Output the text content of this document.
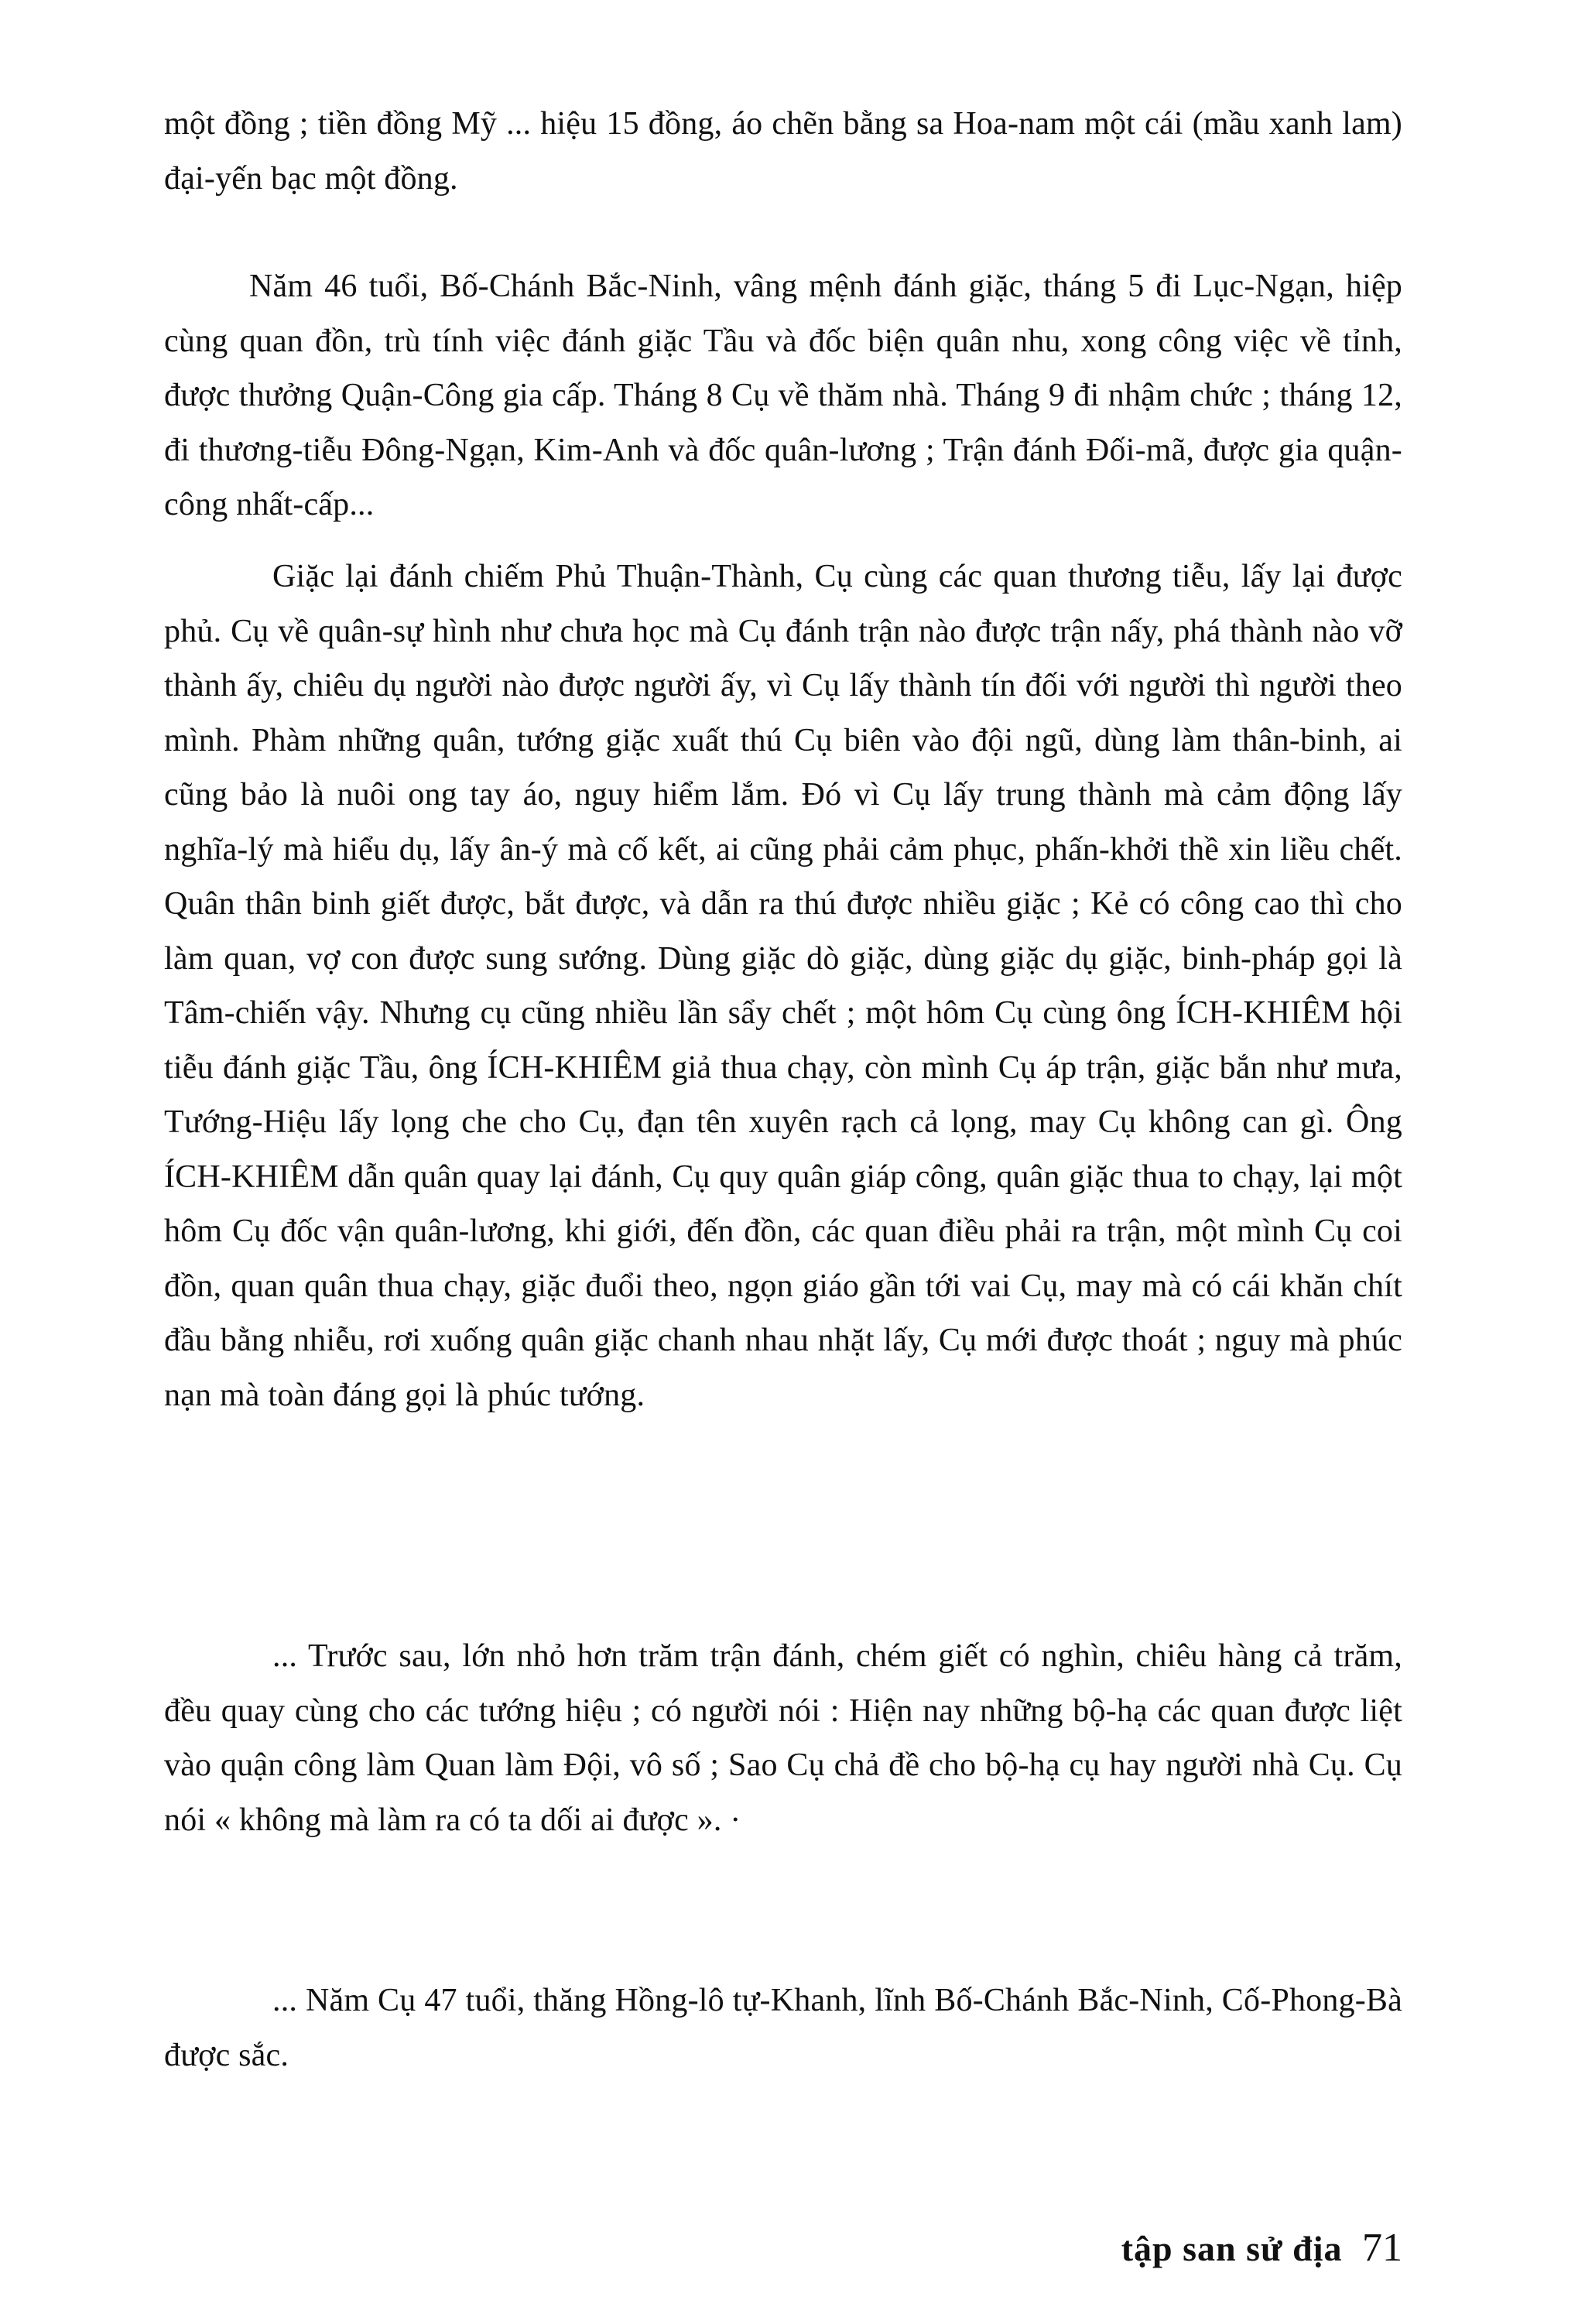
một đồng ; tiền đồng Mỹ ... hiệu 15 đồng, áo chẽn bằng sa Hoa-nam một cái (mầu xanh lam) đại-yến bạc một đồng.

Năm 46 tuổi, Bố-Chánh Bắc-Ninh, vâng mệnh đánh giặc, tháng 5 đi Lục-Ngạn, hiệp cùng quan đồn, trù tính việc đánh giặc Tầu và đốc biện quân nhu, xong công việc về tỉnh, được thưởng Quận-Công gia cấp. Tháng 8 Cụ về thăm nhà. Tháng 9 đi nhậm chức ; tháng 12, đi thương-tiễu Đông-Ngạn, Kim-Anh và đốc quân-lương ; Trận đánh Đối-mã, được gia quận-công nhất-cấp...

Giặc lại đánh chiếm Phủ Thuận-Thành, Cụ cùng các quan thương tiễu, lấy lại được phủ. Cụ về quân-sự hình như chưa học mà Cụ đánh trận nào được trận nấy, phá thành nào vỡ thành ấy, chiêu dụ người nào được người ấy, vì Cụ lấy thành tín đối với người thì người theo mình. Phàm những quân, tướng giặc xuất thú Cụ biên vào đội ngũ, dùng làm thân-binh, ai cũng bảo là nuôi ong tay áo, nguy hiểm lắm. Đó vì Cụ lấy trung thành mà cảm động lấy nghĩa-lý mà hiểu dụ, lấy ân-ý mà cố kết, ai cũng phải cảm phục, phấn-khởi thề xin liều chết. Quân thân binh giết được, bắt được, và dẫn ra thú được nhiều giặc ; Kẻ có công cao thì cho làm quan, vợ con được sung sướng. Dùng giặc dò giặc, dùng giặc dụ giặc, binh-pháp gọi là Tâm-chiến vậy. Nhưng cụ cũng nhiều lần sẩy chết ; một hôm Cụ cùng ông ÍCH-KHIÊM hội tiễu đánh giặc Tầu, ông ÍCH-KHIÊM giả thua chạy, còn mình Cụ áp trận, giặc bắn như mưa, Tướng-Hiệu lấy lọng che cho Cụ, đạn tên xuyên rạch cả lọng, may Cụ không can gì. Ông ÍCH-KHIÊM dẫn quân quay lại đánh, Cụ quy quân giáp công, quân giặc thua to chạy, lại một hôm Cụ đốc vận quân-lương, khi giới, đến đồn, các quan điều phải ra trận, một mình Cụ coi đồn, quan quân thua chạy, giặc đuổi theo, ngọn giáo gần tới vai Cụ, may mà có cái khăn chít đầu bằng nhiễu, rơi xuống quân giặc chanh nhau nhặt lấy, Cụ mới được thoát ; nguy mà phúc nạn mà toàn đáng gọi là phúc tướng.

... Trước sau, lớn nhỏ hơn trăm trận đánh, chém giết có nghìn, chiêu hàng cả trăm, đều quay cùng cho các tướng hiệu ; có người nói : Hiện nay những bộ-hạ các quan được liệt vào quận công làm Quan làm Đội, vô số ; Sao Cụ chả đề cho bộ-hạ cụ hay người nhà Cụ. Cụ nói « không mà làm ra có ta dối ai được ». ·

... Năm Cụ 47 tuổi, thăng Hồng-lô tự-Khanh, lĩnh Bố-Chánh Bắc-Ninh, Cố-Phong-Bà được sắc.

tập san sử địa 71
